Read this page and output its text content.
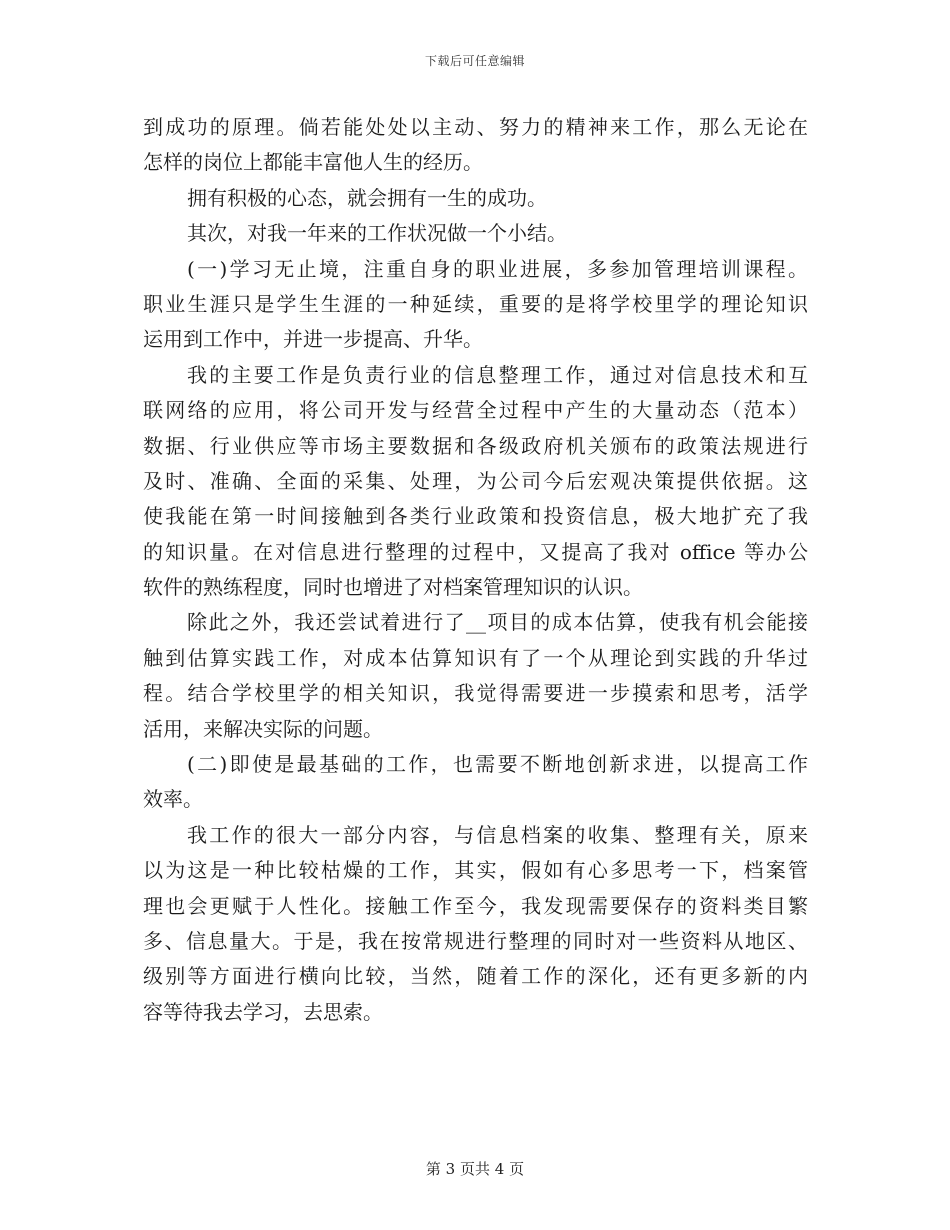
下载后可任意编辑
到成功的原理。倘若能处处以主动、努力的精神来工作，那么无论在
怎样的岗位上都能丰富他人生的经历。
拥有积极的心态，就会拥有一生的成功。
其次，对我一年来的工作状况做一个小结。
(一)学习无止境，注重自身的职业进展，多参加管理培训课程。
职业生涯只是学生生涯的一种延续，重要的是将学校里学的理论知识
运用到工作中，并进一步提高、升华。
我的主要工作是负责行业的信息整理工作，通过对信息技术和互
联网络的应用，将公司开发与经营全过程中产生的大量动态（范本）
数据、行业供应等市场主要数据和各级政府机关颁布的政策法规进行
及时、准确、全面的采集、处理，为公司今后宏观决策提供依据。这
使我能在第一时间接触到各类行业政策和投资信息，极大地扩充了我
的知识量。在对信息进行整理的过程中，又提高了我对 office 等办公
软件的熟练程度，同时也增进了对档案管理知识的认识。
除此之外，我还尝试着进行了__项目的成本估算，使我有机会能接
触到估算实践工作，对成本估算知识有了一个从理论到实践的升华过
程。结合学校里学的相关知识，我觉得需要进一步摸索和思考，活学
活用，来解决实际的问题。
(二)即使是最基础的工作，也需要不断地创新求进，以提高工作
效率。
我工作的很大一部分内容，与信息档案的收集、整理有关，原来
以为这是一种比较枯燥的工作，其实，假如有心多思考一下，档案管
理也会更赋于人性化。接触工作至今，我发现需要保存的资料类目繁
多、信息量大。于是，我在按常规进行整理的同时对一些资料从地区、
级别等方面进行横向比较，当然，随着工作的深化，还有更多新的内
容等待我去学习，去思索。
第 3 页共 4 页
